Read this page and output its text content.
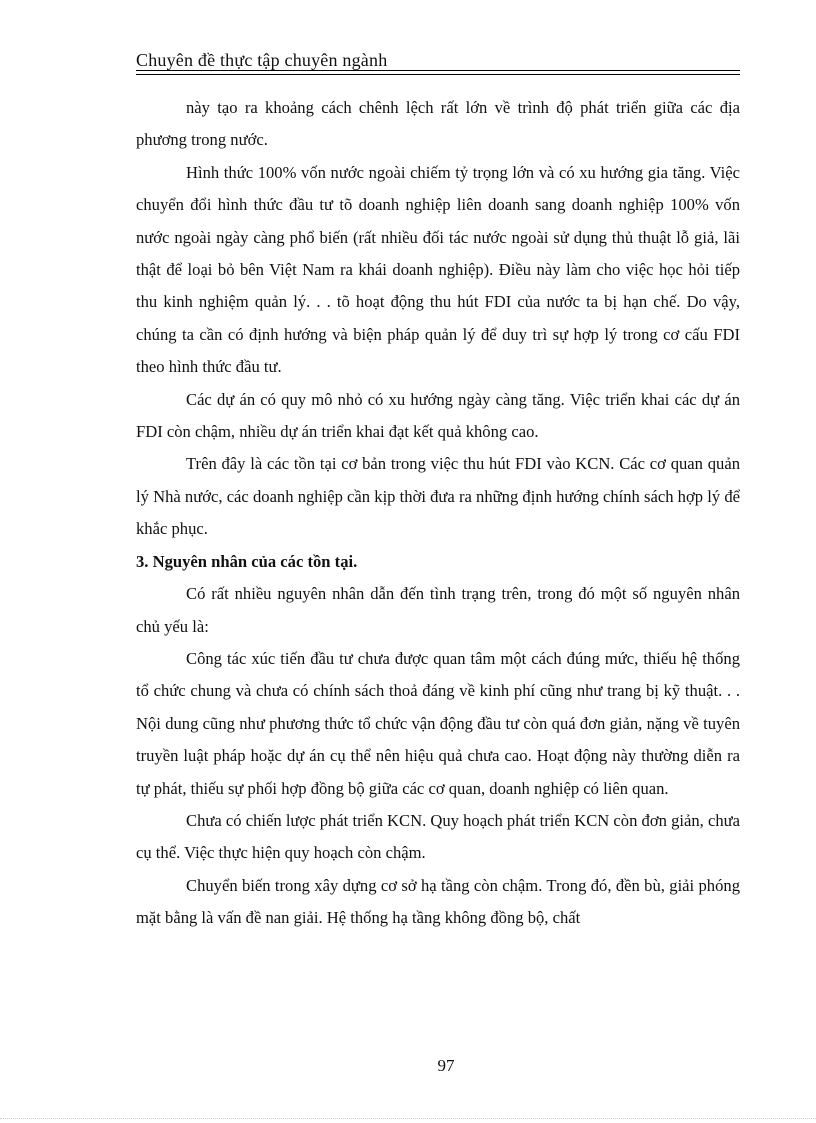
Chuyên đề thực tập chuyên ngành

này tạo ra khoảng cách chênh lệch rất lớn về trình độ phát triển giữa các địa phương trong nước.

Hình thức 100% vốn nước ngoài chiếm tỷ trọng lớn và có xu hướng gia tăng. Việc chuyển đổi hình thức đầu tư tõ doanh nghiệp liên doanh sang doanh nghiệp 100% vốn nước ngoài ngày càng phổ biến (rất nhiều đối tác nước ngoài sử dụng thủ thuật lỗ giả, lãi thật để loại bỏ bên Việt Nam ra khái doanh nghiệp). Điều này làm cho việc học hỏi tiếp thu kinh nghiệm quản lý. . . tõ hoạt động thu hút FDI của nước ta bị hạn chế. Do vậy, chúng ta cần có định hướng và biện pháp quản lý để duy trì sự hợp lý trong cơ cấu FDI theo hình thức đầu tư.

Các dự án có quy mô nhỏ có xu hướng ngày càng tăng. Việc triển khai các dự án FDI còn chậm, nhiều dự án triển khai đạt kết quả không cao.

Trên đây là các tồn tại cơ bản trong việc thu hút FDI vào KCN. Các cơ quan quản lý Nhà nước, các doanh nghiệp cần kịp thời đưa ra những định hướng chính sách hợp lý để khắc phục.

3. Nguyên nhân của các tồn tại.

Có rất nhiều nguyên nhân dẫn đến tình trạng trên, trong đó một số nguyên nhân chủ yếu là:

Công tác xúc tiến đầu tư chưa được quan tâm một cách đúng mức, thiếu hệ thống tổ chức chung và chưa có chính sách thoả đáng về kinh phí cũng như trang bị kỹ thuật. . . Nội dung cũng như phương thức tổ chức vận động đầu tư còn quá đơn giản, nặng về tuyên truyền luật pháp hoặc dự án cụ thể nên hiệu quả chưa cao. Hoạt động này thường diễn ra tự phát, thiếu sự phối hợp đồng bộ giữa các cơ quan, doanh nghiệp có liên quan.

Chưa có chiến lược phát triển KCN. Quy hoạch phát triển KCN còn đơn giản, chưa cụ thể. Việc thực hiện quy hoạch còn chậm.

Chuyển biến trong xây dựng cơ sở hạ tầng còn chậm. Trong đó, đền bù, giải phóng mặt bằng là vấn đề nan giải. Hệ thống hạ tầng không đồng bộ, chất

97
